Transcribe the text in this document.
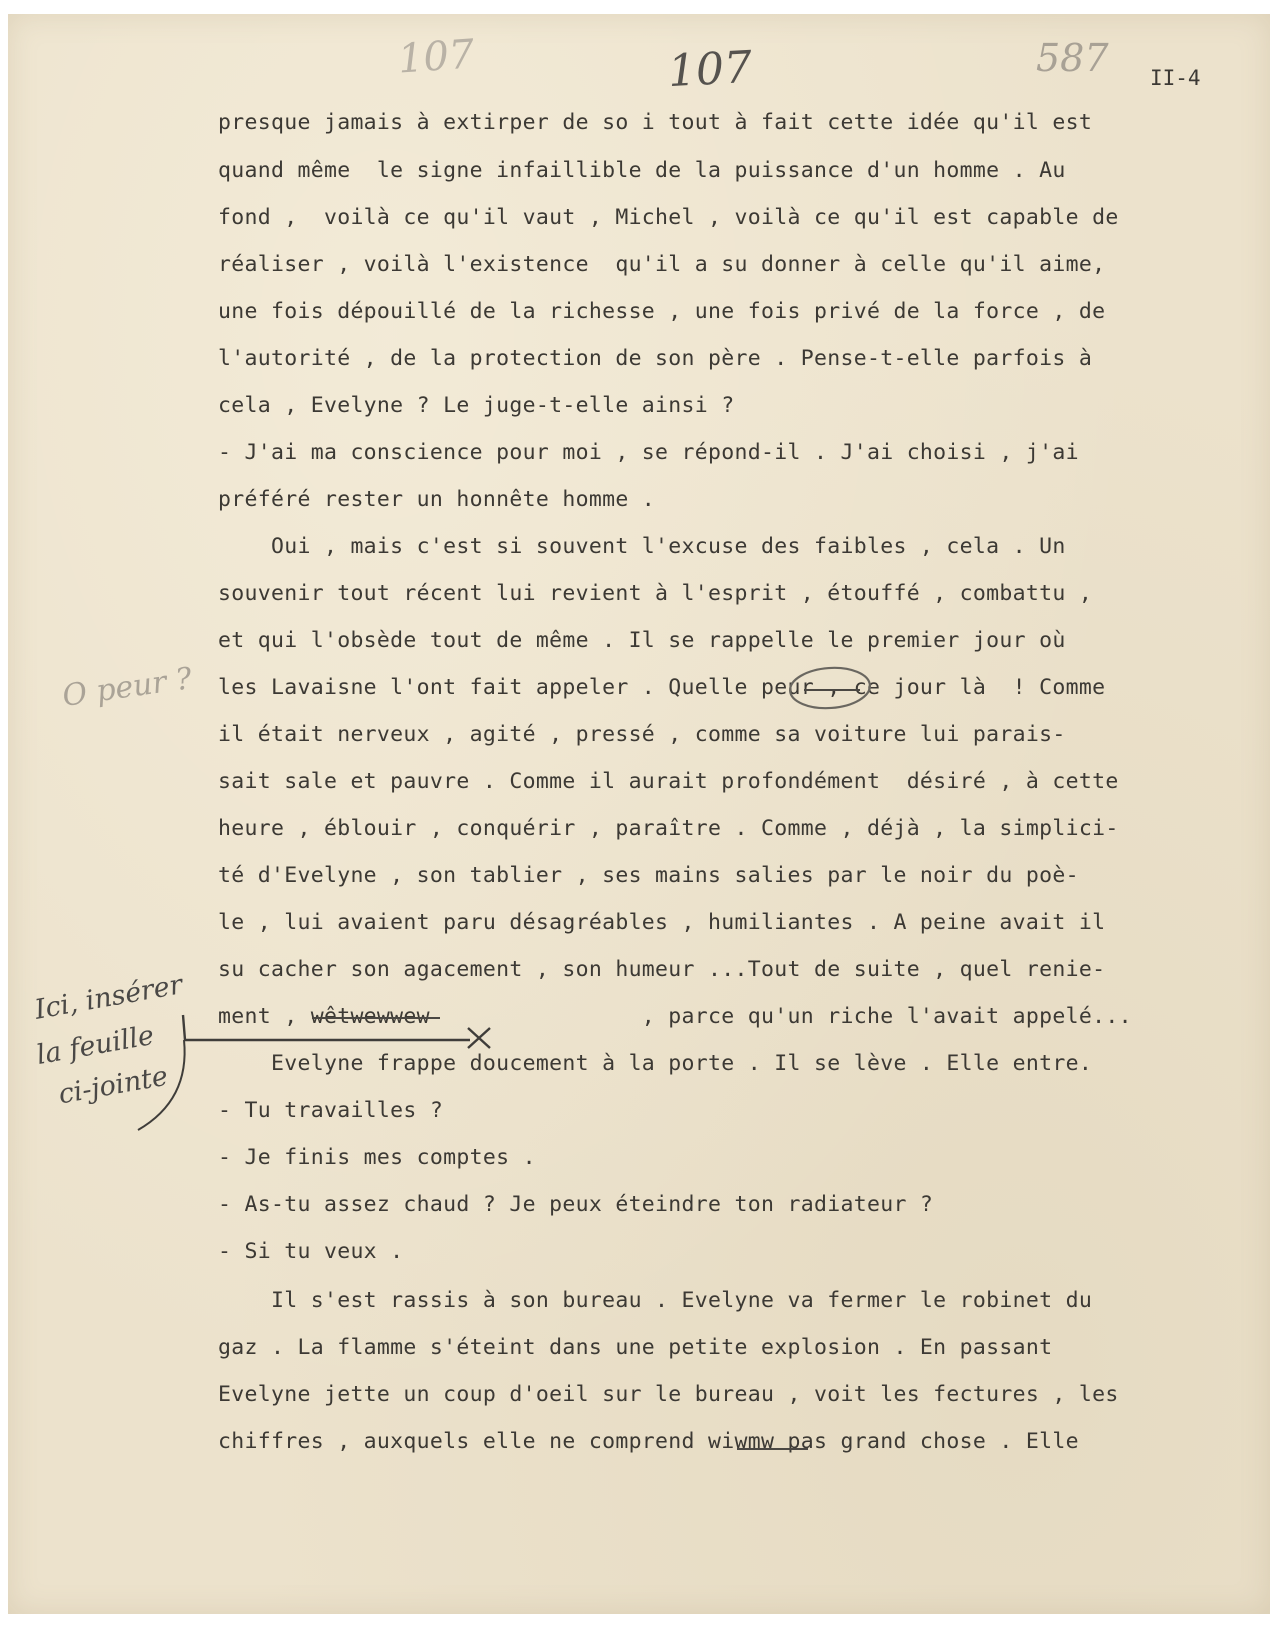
107	107	587 II-4
presque jamais à extirper de so i tout à fait cette idée qu'il est
quand même  le signe infaillible de la puissance d'un homme . Au
fond ,  voilà ce qu'il vaut , Michel , voilà ce qu'il est capable de
réaliser , voilà l'existence  qu'il a su donner à celle qu'il aime,
une fois dépouillé de la richesse , une fois privé de la force , de
l'autorité , de la protection de son père . Pense-t-elle parfois à
cela , Evelyne ? Le juge-t-elle ainsi ?
- J'ai ma conscience pour moi , se répond-il . J'ai choisi , j'ai
préféré rester un honnête homme .
Oui , mais c'est si souvent l'excuse des faibles , cela . Un
souvenir tout récent lui revient à l'esprit , étouffé , combattu ,
et qui l'obsède tout de même . Il se rappelle le premier jour où
les Lavaisne l'ont fait appeler . Quelle peur , ce jour là  ! Comme
il était nerveux , agité , pressé , comme sa voiture lui parais-
sait sale et pauvre . Comme il aurait profondément  désiré , à cette
heure , éblouir , conquérir , paraître . Comme , déjà , la simplici-
té d'Evelyne , son tablier , ses mains salies par le noir du poè-
le , lui avaient paru désagréables , humiliantes . A peine avait il
su cacher son agacement , son humeur ...Tout de suite , quel renie-
ment , wêtwewwew                , parce qu'un riche l'avait appelé...
Evelyne frappe doucement à la porte . Il se lève . Elle entre.
- Tu travailles ?
- Je finis mes comptes .
- As-tu assez chaud ? Je peux éteindre ton radiateur ?
- Si tu veux .
Il s'est rassis à son bureau . Evelyne va fermer le robinet du
gaz . La flamme s'éteint dans une petite explosion . En passant
Evelyne jette un coup d'oeil sur le bureau , voit les fectures , les
chiffres , auxquels elle ne comprend wiwmw pas grand chose . Elle
O peur ?
Ici, insérer
la feuille
ci-jointe
